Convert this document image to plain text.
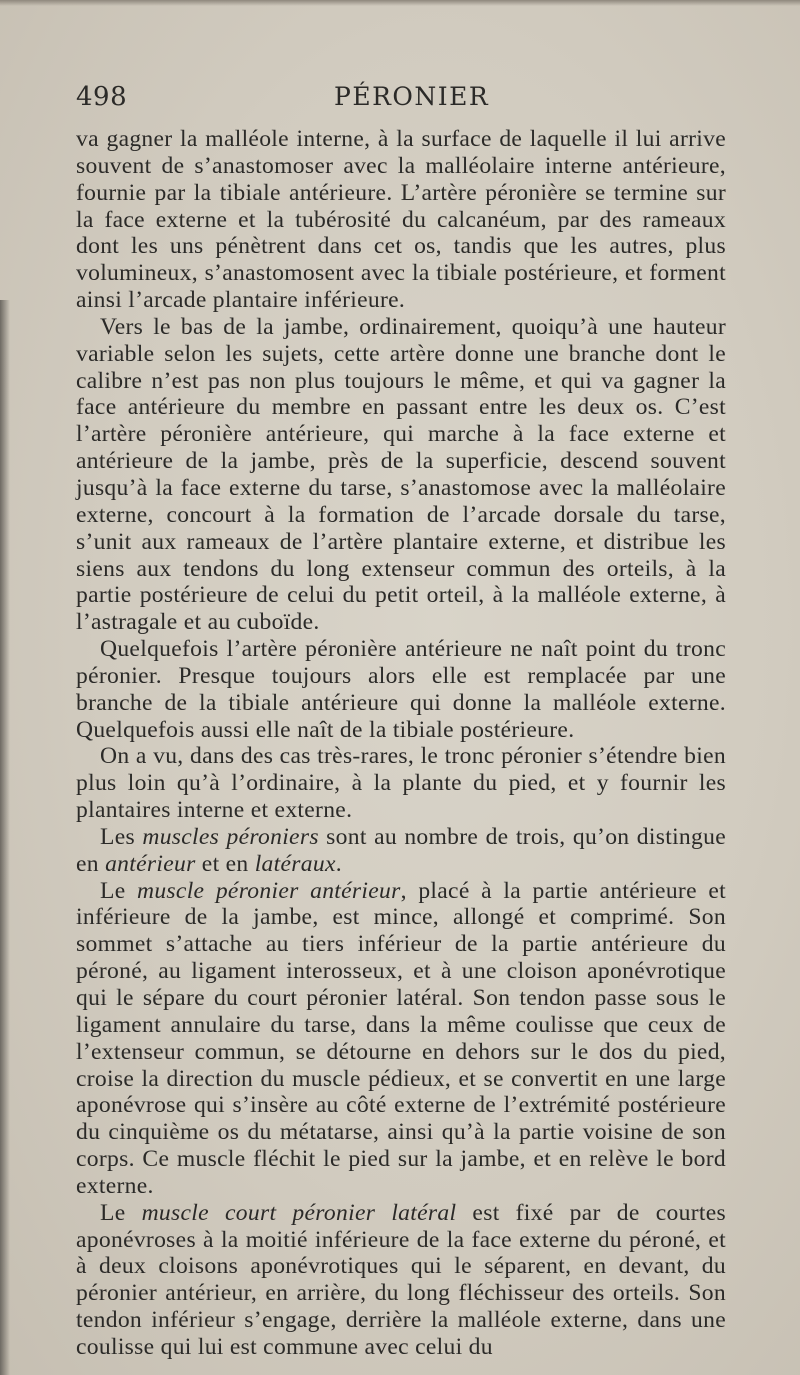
498	PÉRONIER

va gagner la malléole interne, à la surface de laquelle il lui arrive souvent de s’anastomoser avec la malléolaire interne antérieure, fournie par la tibiale antérieure. L’artère péronière se termine sur la face externe et la tubérosité du calcanéum, par des rameaux dont les uns pénètrent dans cet os, tandis que les autres, plus volumineux, s’anastomosent avec la tibiale postérieure, et forment ainsi l’arcade plantaire inférieure.

Vers le bas de la jambe, ordinairement, quoiqu’à une hauteur variable selon les sujets, cette artère donne une branche dont le calibre n’est pas non plus toujours le même, et qui va gagner la face antérieure du membre en passant entre les deux os. C’est l’artère péronière antérieure, qui marche à la face externe et antérieure de la jambe, près de la superficie, descend souvent jusqu’à la face externe du tarse, s’anastomose avec la malléolaire externe, concourt à la formation de l’arcade dorsale du tarse, s’unit aux rameaux de l’artère plantaire externe, et distribue les siens aux tendons du long extenseur commun des orteils, à la partie postérieure de celui du petit orteil, à la malléole externe, à l’astragale et au cuboïde.

Quelquefois l’artère péronière antérieure ne naît point du tronc péronier. Presque toujours alors elle est remplacée par une branche de la tibiale antérieure qui donne la malléole externe. Quelquefois aussi elle naît de la tibiale postérieure.

On a vu, dans des cas très-rares, le tronc péronier s’étendre bien plus loin qu’à l’ordinaire, à la plante du pied, et y fournir les plantaires interne et externe.

Les muscles péroniers sont au nombre de trois, qu’on distingue en antérieur et en latéraux.

Le muscle péronier antérieur, placé à la partie antérieure et inférieure de la jambe, est mince, allongé et comprimé. Son sommet s’attache au tiers inférieur de la partie antérieure du péroné, au ligament interosseux, et à une cloison aponévrotique qui le sépare du court péronier latéral. Son tendon passe sous le ligament annulaire du tarse, dans la même coulisse que ceux de l’extenseur commun, se détourne en dehors sur le dos du pied, croise la direction du muscle pédieux, et se convertit en une large aponévrose qui s’insère au côté externe de l’extrémité postérieure du cinquième os du métatarse, ainsi qu’à la partie voisine de son corps. Ce muscle fléchit le pied sur la jambe, et en relève le bord externe.

Le muscle court péronier latéral est fixé par de courtes aponévroses à la moitié inférieure de la face externe du péroné, et à deux cloisons aponévrotiques qui le séparent, en devant, du péronier antérieur, en arrière, du long fléchisseur des orteils. Son tendon inférieur s’engage, derrière la malléole externe, dans une coulisse qui lui est commune avec celui du
